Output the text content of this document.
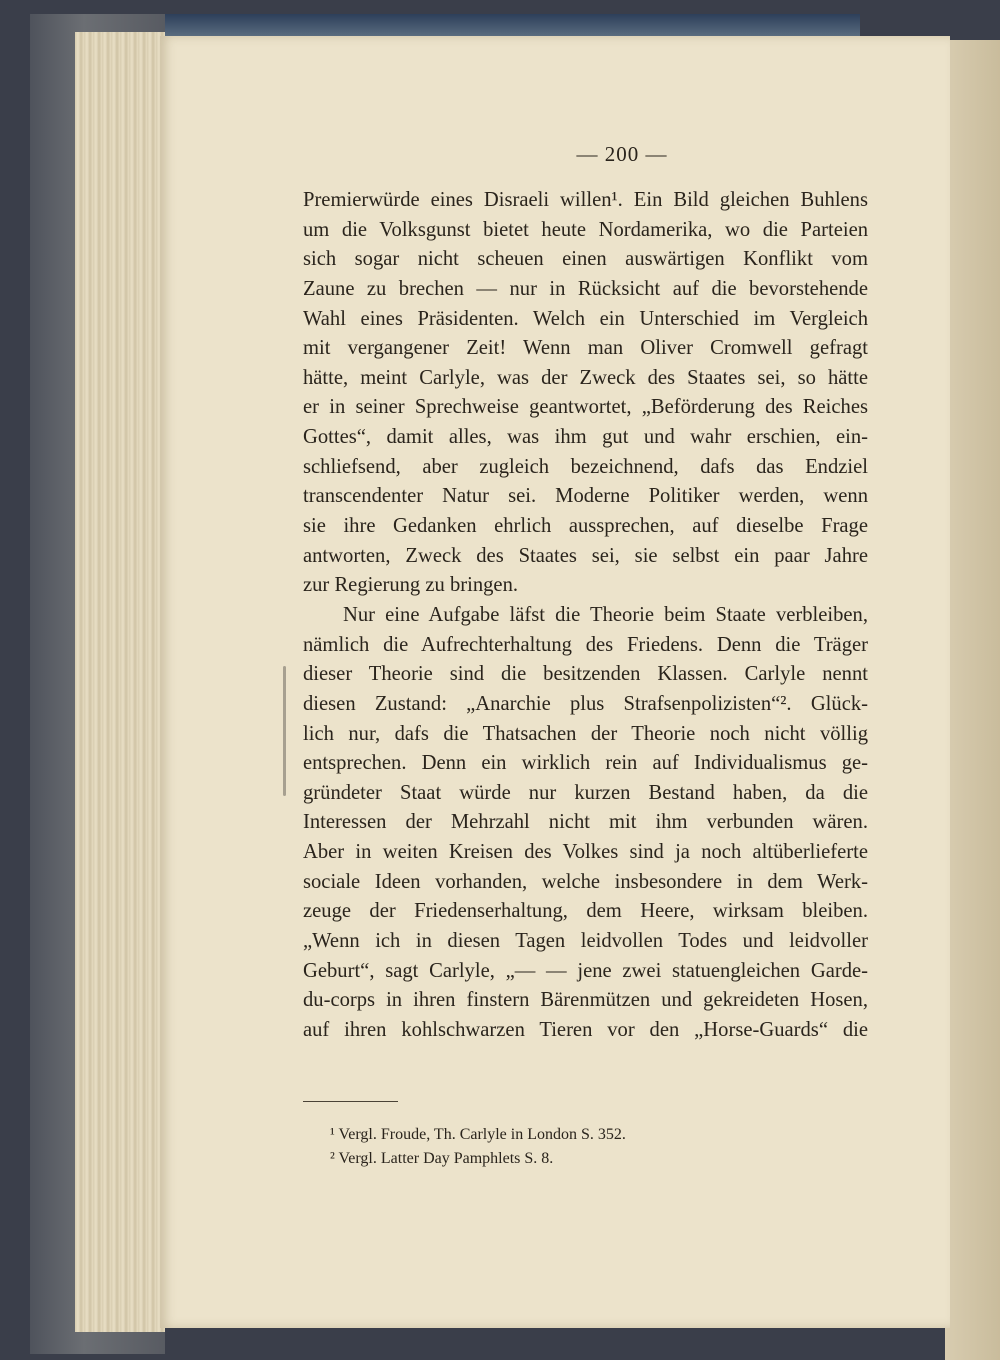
— 200 —
Premierwürde eines Disraeli willen¹. Ein Bild gleichen Buhlens
um die Volksgunst bietet heute Nordamerika, wo die Parteien
sich sogar nicht scheuen einen auswärtigen Konflikt vom
Zaune zu brechen — nur in Rücksicht auf die bevorstehende
Wahl eines Präsidenten. Welch ein Unterschied im Vergleich
mit vergangener Zeit! Wenn man Oliver Cromwell gefragt
hätte, meint Carlyle, was der Zweck des Staates sei, so hätte
er in seiner Sprechweise geantwortet, „Beförderung des Reiches
Gottes“, damit alles, was ihm gut und wahr erschien, ein-
schliefsend, aber zugleich bezeichnend, dafs das Endziel
transcendenter Natur sei. Moderne Politiker werden, wenn
sie ihre Gedanken ehrlich aussprechen, auf dieselbe Frage
antworten, Zweck des Staates sei, sie selbst ein paar Jahre
zur Regierung zu bringen.
Nur eine Aufgabe läfst die Theorie beim Staate verbleiben,
nämlich die Aufrechterhaltung des Friedens. Denn die Träger
dieser Theorie sind die besitzenden Klassen. Carlyle nennt
diesen Zustand: „Anarchie plus Strafsenpolizisten“². Glück-
lich nur, dafs die Thatsachen der Theorie noch nicht völlig
entsprechen. Denn ein wirklich rein auf Individualismus ge-
gründeter Staat würde nur kurzen Bestand haben, da die
Interessen der Mehrzahl nicht mit ihm verbunden wären.
Aber in weiten Kreisen des Volkes sind ja noch altüberlieferte
sociale Ideen vorhanden, welche insbesondere in dem Werk-
zeuge der Friedenserhaltung, dem Heere, wirksam bleiben.
„Wenn ich in diesen Tagen leidvollen Todes und leidvoller
Geburt“, sagt Carlyle, „— — jene zwei statuengleichen Garde-
du-corps in ihren finstern Bärenmützen und gekreideten Hosen,
auf ihren kohlschwarzen Tieren vor den „Horse-Guards“ die
¹ Vergl. Froude, Th. Carlyle in London S. 352.
² Vergl. Latter Day Pamphlets S. 8.
